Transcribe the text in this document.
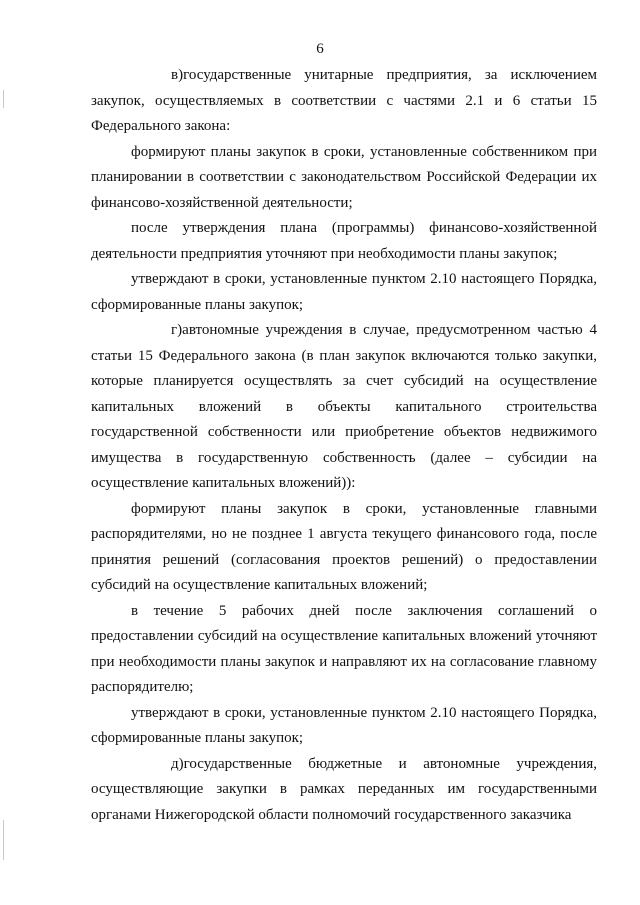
6

в)государственные унитарные предприятия, за исключением закупок, осуществляемых в соответствии с частями 2.1 и 6 статьи 15 Федерального закона:

формируют планы закупок в сроки, установленные собственником при планировании в соответствии с законодательством Российской Федерации их финансово-хозяйственной деятельности;

после утверждения плана (программы) финансово-хозяйственной деятельности предприятия уточняют при необходимости планы закупок;

утверждают в сроки, установленные пунктом 2.10 настоящего Порядка, сформированные планы закупок;

г)автономные учреждения в случае, предусмотренном частью 4 статьи 15 Федерального закона (в план закупок включаются только закупки, которые планируется осуществлять за счет субсидий на осуществление капитальных вложений в объекты капитального строительства государственной собственности или приобретение объектов недвижимого имущества в государственную собственность (далее – субсидии на осуществление капитальных вложений)):

формируют планы закупок в сроки, установленные главными распорядителями, но не позднее 1 августа текущего финансового года, после принятия решений (согласования проектов решений) о предоставлении субсидий на осуществление капитальных вложений;

в течение 5 рабочих дней после заключения соглашений о предоставлении субсидий на осуществление капитальных вложений уточняют при необходимости планы закупок и направляют их на согласование главному распорядителю;

утверждают в сроки, установленные пунктом 2.10 настоящего Порядка, сформированные планы закупок;

д)государственные бюджетные и автономные учреждения, осуществляющие закупки в рамках переданных им государственными органами Нижегородской области полномочий государственного заказчика
